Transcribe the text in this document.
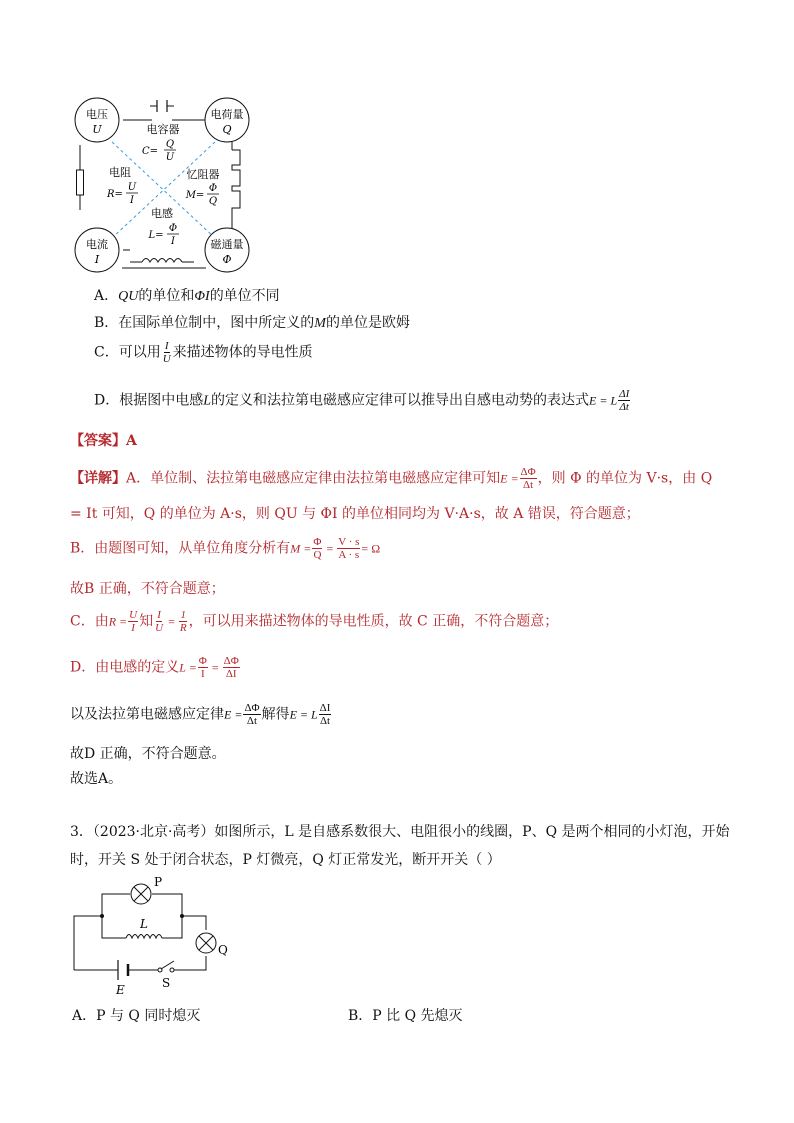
电压
U
电荷量
Q
电流
I
磁通量
Φ
电容器
C=
Q
U
电阻
R=
U
I
忆阻器
M=
Φ
Q
电感
L=
Φ
I
A．QU的单位和ΦI的单位不同
B．在国际单位制中，图中所定义的M的单位是欧姆
C．可以用 $\frac{I}{U}$ 来描述物体的导电性质
D．根据图中电感L的定义和法拉第电磁感应定律可以推导出自感电动势的表达式E = L $\frac{\Delta I}{\Delta t}$
【答案】A
【详解】A．单位制、法拉第电磁感应定律由法拉第电磁感应定律可知$E = \frac{\Delta\Phi}{\Delta t}$ ，则 Φ 的单位为 V·s，由 Q
= It 可知，Q 的单位为 A·s，则 QU 与 ΦI 的单位相同均为 V·A·s，故 A 错误，符合题意；
B．由题图可知，从单位角度分析有$M = \frac{\Phi}{Q} = \frac{V \cdot s}{A \cdot s} = \Omega$
故B 正确，不符合题意；
C．由$R = \frac{U}{I}$ 知 $\frac{I}{U} = \frac{1}{R}$ ，可以用来描述物体的导电性质，故 C 正确，不符合题意；
D．由电感的定义$L = \frac{\Phi}{I} = \frac{\Delta\Phi}{\Delta I}$
以及法拉第电磁感应定律$E = \frac{\Delta\Phi}{\Delta t}$ 解得E = L $\frac{\Delta I}{\Delta t}$
故D 正确，不符合题意。
故选A。
3．（2023·北京·高考）如图所示，L 是自感系数很大、电阻很小的线圈，P、Q 是两个相同的小灯泡，开始
时，开关 S 处于闭合状态，P 灯微亮，Q 灯正常发光，断开开关（ ）
P
L
Q
E	S
A．P 与 Q 同时熄灭	B．P 比 Q 先熄灭
